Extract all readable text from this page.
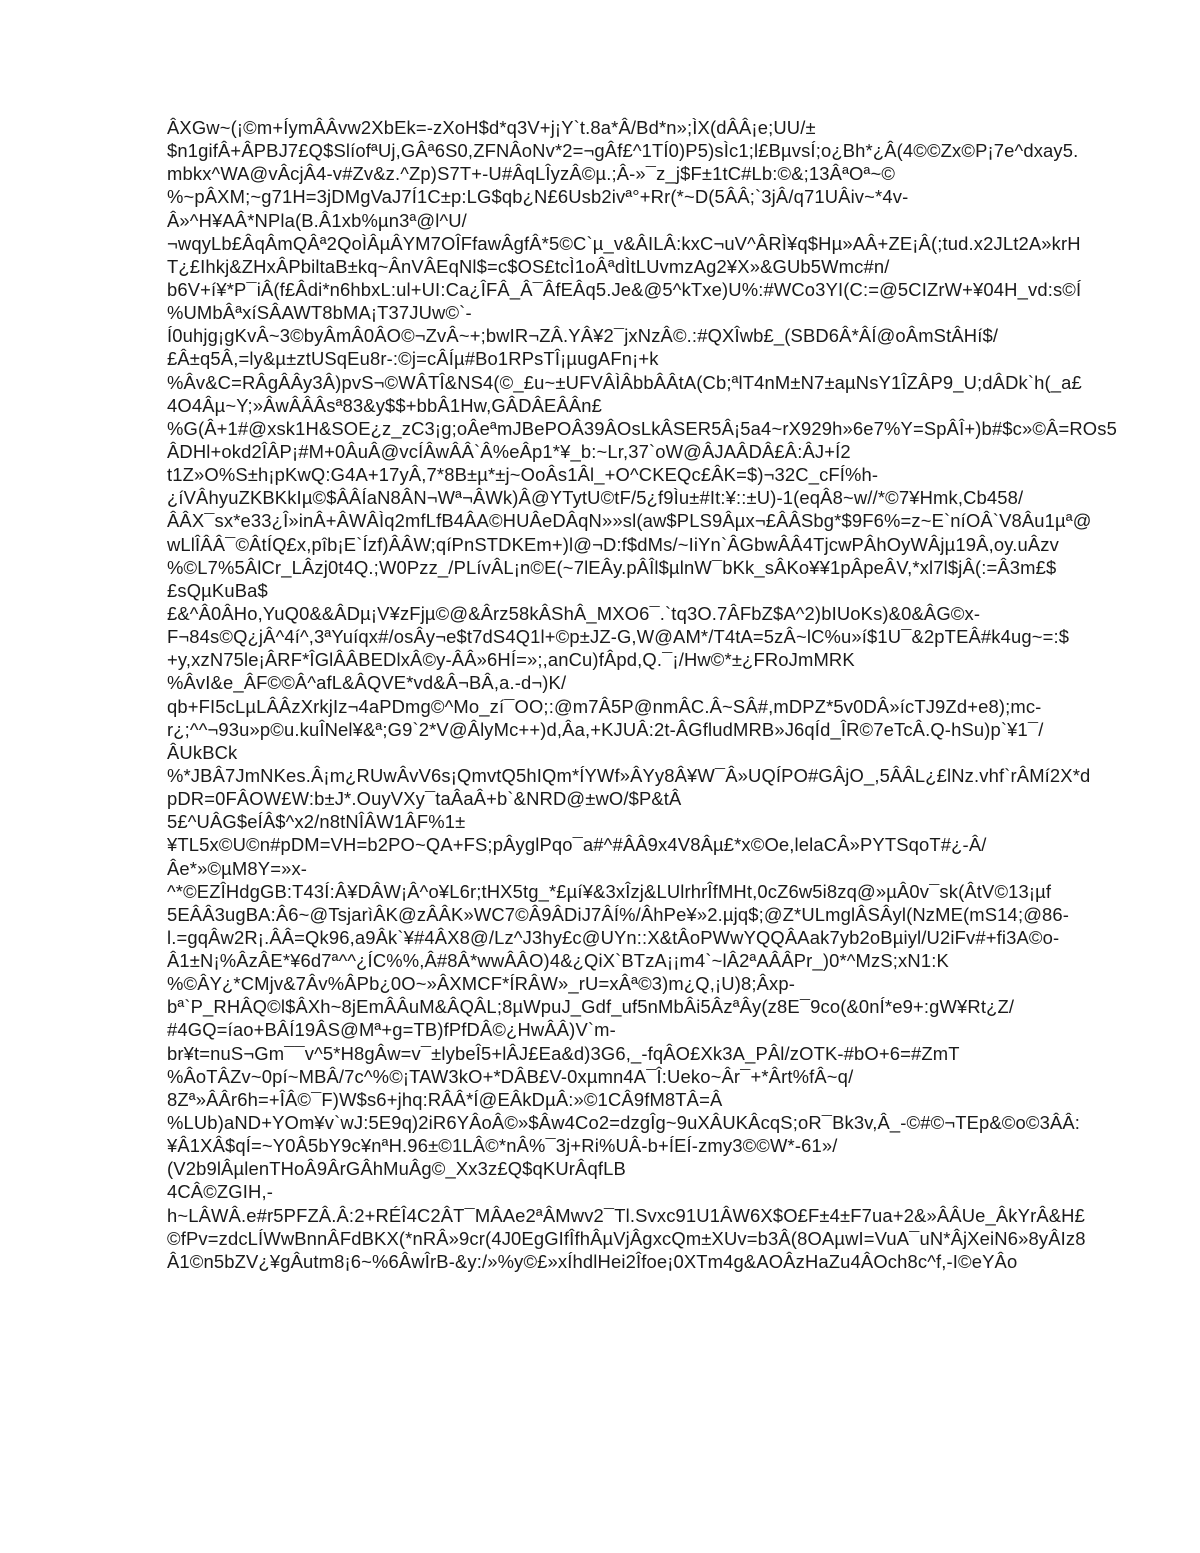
ÂXGw~(¡©m+ÍymÂÂvw2XbEk=-zXoH$d*q3V+j¡Y`t.8a*Â/Bd*n»;ÌX(dÂÂ¡e;UU/±
$n1gifÂ+ÂPBJ7£Q$SlíofªUj,GÂª6S0,ZFNÂoNv*2=¬gÂf£^1TÍ0)P5)sÌc1;l£BµvsÍ;o¿Bh*¿Â(4©©Zx©P¡7e^dxay5.
mbkx^WA@vÂcjÂ4-v#Zv&z.^Zp)S7T+-U#ÂqLÎyzÂ©µ.;Â-»¯z_j$F±1tC#Lb:©&;13ÂªOª~©
%~pÂXM;~g71H=3jDMgVaJ7Í1C±p:LG$qb¿N£6Usb2ivª°+Rr(*~D(5ÂÂ;`3jÂ/q71UÂiv~*4v-
Â»^H¥AÂ*NPla(B.Â1xb%µn3ª@l^U/
¬wqyLb£ÂqÂmQÂª2QoÌÂµÂYM7OÎFfawÂgfÂ*5©C`µ_v&ÂILÂ:kxC¬uV^ÂRÌ¥q$Hµ»AÂ+ZE¡Â(;tud.x2JLt2A»krH
T¿£Ihkj&ZHxÂPbiltaB±kq~ÂnVÂEqNl$=c$OS£tcÌ1oÂªdÌtLUvmzAg2¥X»&GUb5Wmc#n/
b6V+í¥*P¯iÂ(f£Âdi*n6hbxL:ul+UI:Ca¿ÎFÂ_Â¯ÂfEÂq5.Je&@5^kTxe)U%:#WCo3YI(C:=@5CIZrW+¥04H_vd:s©Í
%UMbÂªxíSÂAWT8bMA¡T37JUw©`-
Í0uhjg¡gKvÂ~3©byÂmÂ0ÂO©¬ZvÂ~+;bwIR¬ZÂ.YÂ¥2¯jxNzÂ©.:#QXÎwb£_(SBD6Â*ÂÍ@oÂmStÂHí$/
£Â±q5Â,=ly&µ±ztUSqEu8r-:©j=cÂÍµ#Bo1RPsTÎ¡µugAFn¡+k
%Âv&C=RÂgÂÂy3Â)pvS¬©WÂTÎ&NS4(©_£u~±UFVÂÌÂbbÂÂtA(Cb;ªlT4nM±N7±aµNsY1ÎZÂP9_U;dÂDk`h(_a£
4O4Âµ~Y;»ÂwÂÂÂsª83&y$$+bbÂ1Hw,GÂDÂEÂÂn£
%G(Â+1#@xsk1H&SOE¿z_zC3¡g;oÂeªmJBePOÂ39ÂOsLkÂSER5Â¡5a4~rX929h»6e7%Y=SpÂÎ+)b#$c»©Â=ROs5
ÂDHl+okd2ÎÂP¡#M+0ÂuÂ@vcÍÂwÂÂ`Â%eÂp1*¥_b:~Lr,37`oW@ÂJAÂDÂ£Â:ÂJ+Í2
t1Z»O%S±h¡pKwQ:G4A+17yÂ,7*8B±µ*±j~OoÂs1Âl_+O^CKEQc£ÂK=$)¬32C_cFÍ%h-
¿íVÂhyuZKBKkIµ©$ÂÂÍaN8ÂN¬Wª¬ÂWk)Â@YTytU©tF/5¿f9Ìu±#It:¥::±U)-1(eqÂ8~w//*©7¥Hmk,Cb458/
ÂÂX¯sx*e33¿Î»inÂ+ÂWÂÌq2mfLfB4ÂA©HUÂeDÂqN»»sl(aw$PLS9Âµx¬£ÂÂSbg*$9F6%=z~E`níOÂ`V8Âu1µª@
wLlÎÂÂ¯©ÂtÍQ£x,pîb¡E`Ízf)ÂÂW;qíPnSTDKEm+)l@¬D:f$dMs/~IiYn`ÂGbwÂÂ4TjcwPÂhOyWÂjµ19Â,oy.uÂzv
%©L7%5ÂlCr_LÂzj0t4Q.;W0Pzz_/PLívÂL¡n©E(~7lEÂy.pÂÎl$µlnW¯bKk_sÂKo¥¥1pÂpeÂV,*xl7l$jÂ(:=Â3m£$
£sQµKuBa$
£&^Â0ÂHo,YuQ0&&ÂDµ¡V¥zFjµ©@&Ârz58kÂShÂ_MXO6¯.`tq3O.7ÂFbZ$A^2)bIUoKs)&0&ÂG©x-
F¬84s©Q¿jÂ^4í^,3ªYuíqx#/osÂy¬e$t7dS4Q1l+©p±JZ-G,W@AM*/T4tA=5zÂ~lC%u»í$1U¯&2pTEÂ#k4ug~=:$
+y,xzN75le¡ÂRF*ÎGlÂÂBEDlxÂ©y-ÂÂ»6HÍ=»;,anCu)fÂpd,Q.¯¡/Hw©*±¿FRoJmMRK
%ÂvI&e_ÂF©©Â^afL&ÂQVE*vd&Â¬BÂ,a.-d¬)K/
qb+FI5cLµLÂÂzXrkjIz¬4aPDmg©^Mo_zí¯OO;:@m7Â5P@nmÂC.Â~SÂ#,mDPZ*5v0DÂ»ícTJ9Zd+e8);mc-
r¿;^^¬93u»p©u.kuÎNel¥&ª;G9`2*V@ÂlyMc++)d,Âa,+KJUÂ:2t-ÂGfludMRB»J6qÍd_ÎR©7eTcÂ.Q-hSu)p`¥1¯/
ÂUkBCk
%*JBÂ7JmNKes.Â¡m¿RUwÂvV6s¡QmvtQ5hIQm*ÍYWf»ÂYy8Â¥W¯Â»UQÍPO#GÂjO_,5ÂÂL¿£lNz.vhf`rÂMí2X*d
pDR=0FÂOW£W:b±J*.OuyVXy¯taÂaÂ+b`&NRD@±wO/$P&tÂ
5£^UÂG$eÍÂ$^x2/n8tNÎÂW1ÂF%1±
¥TL5x©U©n#pDM=VH=b2PO~QA+FS;pÂyglPqo¯a#^#ÂÂ9x4V8Âµ£*x©Oe,lelaCÂ»PYTSqoT#¿-Â/
Âe*»©µM8Y=»x-
^*©EZÎHdgGB:T43Í:Â¥DÂW¡Â^o¥L6r;tHX5tg_*£µí¥&3xÎzj&LUlrhrÎfMHt,0cZ6w5i8zq@»µÂ0v¯sk(ÂtV©13¡µf
5EÂÂ3ugBA:Â6~@TsjarìÂK@zÂÂK»WC7©Â9ÂDiJ7ÂÍ%/ÂhPe¥»2.µjq$;@Z*ULmglÂSÂyl(NzME(mS14;@86-
l.=gqÂw2R¡.ÂÂ=Qk96,a9Âk`¥#4ÂX8@/Lz^J3hy£c@UYn::X&tÂoPWwYQQÂAak7yb2oBµiyl/U2iFv#+fi3A©o-
Â1±N¡%ÂzÂE*¥6d7ª^^¿ÍC%%,Â#8Â*wwÂÂO)4&¿QiX`BTzA¡¡m4`~lÂ2ªAÂÂPr_)0*^MzS;xN1:K
%©ÂY¿*CMjv&7Âv%ÂPb¿0O~»ÂXMCF*ÍRÂW»_rU=xÂª©3)m¿Q,¡U)8;Âxp-
bª`P_RHÂQ©l$ÂXh~8jEmÂÂuM&ÂQÂL;8µWpuJ_Gdf_uf5nMbÂi5ÂzªÂy(z8E¯9co(&0nÍ*e9+:gW¥Rt¿Z/
#4GQ=íao+BÂÍ19ÂS@Mª+g=TB)fPfDÂ©¿HwÂÂ)V`m-
br¥t=nuS¬Gm¯¯v^5*H8gÂw=v¯±lybeÎ5+lÂJ£Ea&d)3G6,_-fqÂO£Xk3A_PÂl/zOTK-#bO+6=#ZmT
%ÂoTÂZv~0pí~MBÂ/7c^%©¡TAW3kO+*DÂB£V-0xµmn4A¯Î:Ueko~Âr¯+*Ârt%fÂ~q/
8Zª»ÂÂr6h=+ÎÂ©¯F)W$s6+jhq:RÂÂ*Í@EÂkDµÂ:»©1CÂ9fM8TÂ=Â
%LUb)aND+YOm¥v`wJ:5E9q)2iR6YÂoÂ©»$Âw4Co2=dzgÎg~9uXÂUKÂcqS;oR¯Bk3v,Â_-©#©¬TEp&©o©3ÂÂ:
¥Â1XÂ$qÍ=~Y0Â5bY9c¥nªH.96±©1LÂ©*nÂ%¯3j+Ri%UÂ-b+ÍEÍ-zmy3©©W*-61»/
(V2b9lÂµlenTHoÂ9ÂrGÂhMuÂg©_Xx3z£Q$qKUrÂqfLB
4CÂ©ZGIH,-
h~LÂWÂ.e#r5PFZÂ.Â:2+RÉÎ4C2ÂT¯MÂAe2ªÂMwv2¯Tl.Svxc91U1ÂW6X$O£F±4±F7ua+2&»ÂÂUe_ÂkYrÂ&H£
©fPv=zdcLÍWwBnnÂFdBKX(*nRÂ»9cr(4J0EgGIfÎfhÂµVjÂgxcQm±XUv=b3Â(8OAµwI=VuA¯uN*ÂjXeiN6»8yÂIz8
Â1©n5bZV¿¥gÂutm8¡6~%6ÂwÎrB-&y:/»%y©£»xÍhdlHei2Îfoe¡0XTm4g&AOÂzHaZu4ÂOch8c^f,-I©eYÂo
